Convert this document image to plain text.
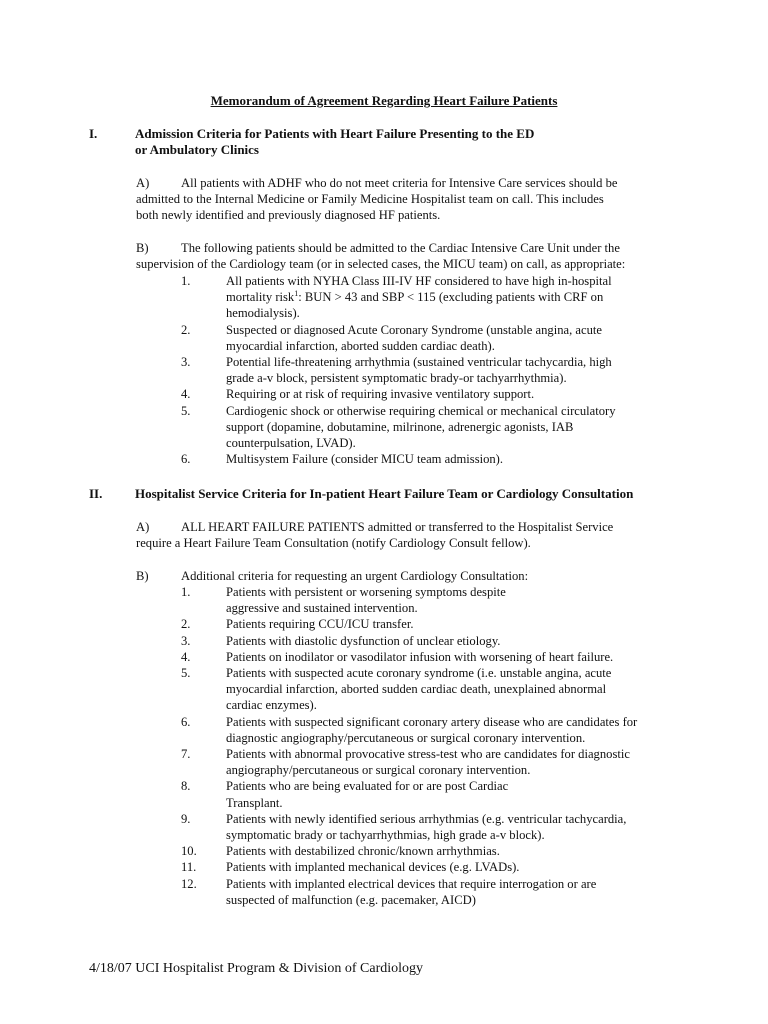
Memorandum of Agreement Regarding Heart Failure Patients
I.	Admission Criteria for Patients with Heart Failure Presenting to the ED
or Ambulatory Clinics
A)	All patients with ADHF who do not meet criteria for Intensive Care services should be
admitted to the Internal Medicine or Family Medicine Hospitalist team on call. This includes
both newly identified and previously diagnosed HF patients.
B)	The following patients should be admitted to the Cardiac Intensive Care Unit under the
supervision of the Cardiology team (or in selected cases, the MICU team) on call, as appropriate:
1.	All patients with NYHA Class III-IV HF considered to have high in-hospital
mortality risk$^1$: BUN > 43 and SBP < 115 (excluding patients with CRF on
hemodialysis).
2.	Suspected or diagnosed Acute Coronary Syndrome (unstable angina, acute
myocardial infarction, aborted sudden cardiac death).
3.	Potential life-threatening arrhythmia (sustained ventricular tachycardia, high
grade a-v block, persistent symptomatic brady-or tachyarrhythmia).
4.	Requiring or at risk of requiring invasive ventilatory support.
5.	Cardiogenic shock or otherwise requiring chemical or mechanical circulatory
support (dopamine, dobutamine, milrinone, adrenergic agonists, IAB
counterpulsation, LVAD).
6.	Multisystem Failure (consider MICU team admission).
II.	Hospitalist Service Criteria for In-patient Heart Failure Team or Cardiology Consultation
A)	ALL HEART FAILURE PATIENTS admitted or transferred to the Hospitalist Service
require a Heart Failure Team Consultation (notify Cardiology Consult fellow).
B)	Additional criteria for requesting an urgent Cardiology Consultation:
1.	Patients with persistent or worsening symptoms despite
aggressive and sustained intervention.
2.	Patients requiring CCU/ICU transfer.
3.	Patients with diastolic dysfunction of unclear etiology.
4.	Patients on inodilator or vasodilator infusion with worsening of heart failure.
5.	Patients with suspected acute coronary syndrome (i.e. unstable angina, acute
myocardial infarction, aborted sudden cardiac death, unexplained abnormal
cardiac enzymes).
6.	Patients with suspected significant coronary artery disease who are candidates for
diagnostic angiography/percutaneous or surgical coronary intervention.
7.	Patients with abnormal provocative stress-test who are candidates for diagnostic
angiography/percutaneous or surgical coronary intervention.
8.	Patients who are being evaluated for or are post Cardiac
Transplant.
9.	Patients with newly identified serious arrhythmias (e.g. ventricular tachycardia,
symptomatic brady or tachyarrhythmias, high grade a-v block).
10.	Patients with destabilized chronic/known arrhythmias.
11.	Patients with implanted mechanical devices (e.g. LVADs).
12.	Patients with implanted electrical devices that require interrogation or are
suspected of malfunction (e.g. pacemaker, AICD)
4/18/07 UCI Hospitalist Program & Division of Cardiology
